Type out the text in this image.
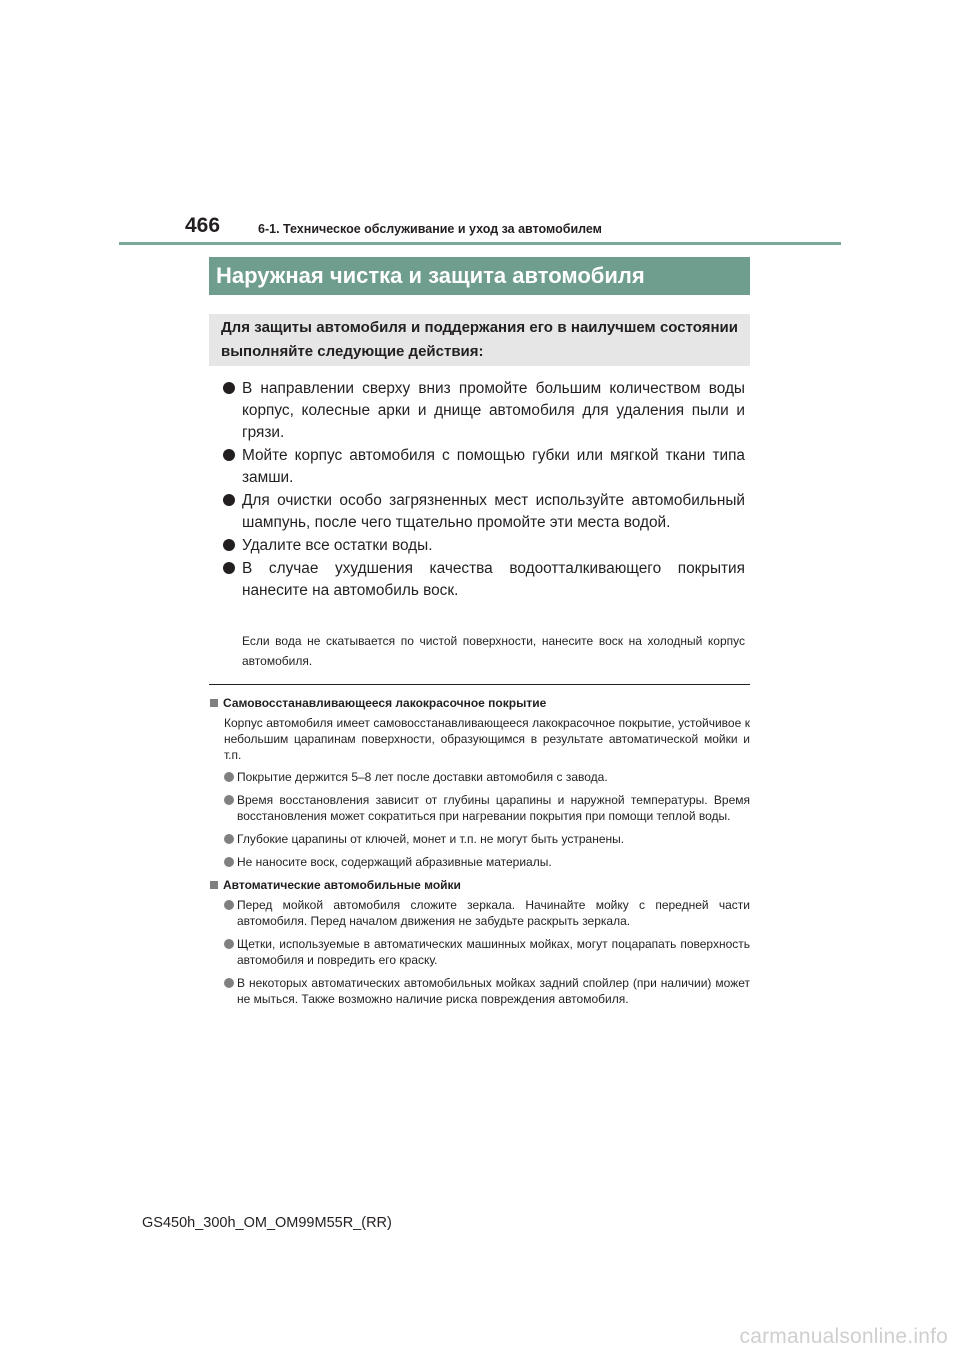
466	6-1. Техническое обслуживание и уход за автомобилем
Наружная чистка и защита автомобиля
Для защиты автомобиля и поддержания его в наилучшем состоянии выполняйте следующие действия:
В направлении сверху вниз промойте большим количеством воды корпус, колесные арки и днище автомобиля для удаления пыли и грязи.
Мойте корпус автомобиля с помощью губки или мягкой ткани типа замши.
Для очистки особо загрязненных мест используйте автомобильный шампунь, после чего тщательно промойте эти места водой.
Удалите все остатки воды.
В случае ухудшения качества водоотталкивающего покрытия нанесите на автомобиль воск.
Если вода не скатывается по чистой поверхности, нанесите воск на холодный корпус автомобиля.
Самовосстанавливающееся лакокрасочное покрытие
Корпус автомобиля имеет самовосстанавливающееся лакокрасочное покрытие, устойчивое к небольшим царапинам поверхности, образующимся в результате автоматической мойки и т.п.
Покрытие держится 5–8 лет после доставки автомобиля с завода.
Время восстановления зависит от глубины царапины и наружной температуры. Время восстановления может сократиться при нагревании покрытия при помощи теплой воды.
Глубокие царапины от ключей, монет и т.п. не могут быть устранены.
Не наносите воск, содержащий абразивные материалы.
Автоматические автомобильные мойки
Перед мойкой автомобиля сложите зеркала. Начинайте мойку с передней части автомобиля. Перед началом движения не забудьте раскрыть зеркала.
Щетки, используемые в автоматических машинных мойках, могут поцарапать поверхность автомобиля и повредить его краску.
В некоторых автоматических автомобильных мойках задний спойлер (при наличии) может не мыться. Также возможно наличие риска повреждения автомобиля.
GS450h_300h_OM_OM99M55R_(RR)
carmanualsonline.info
